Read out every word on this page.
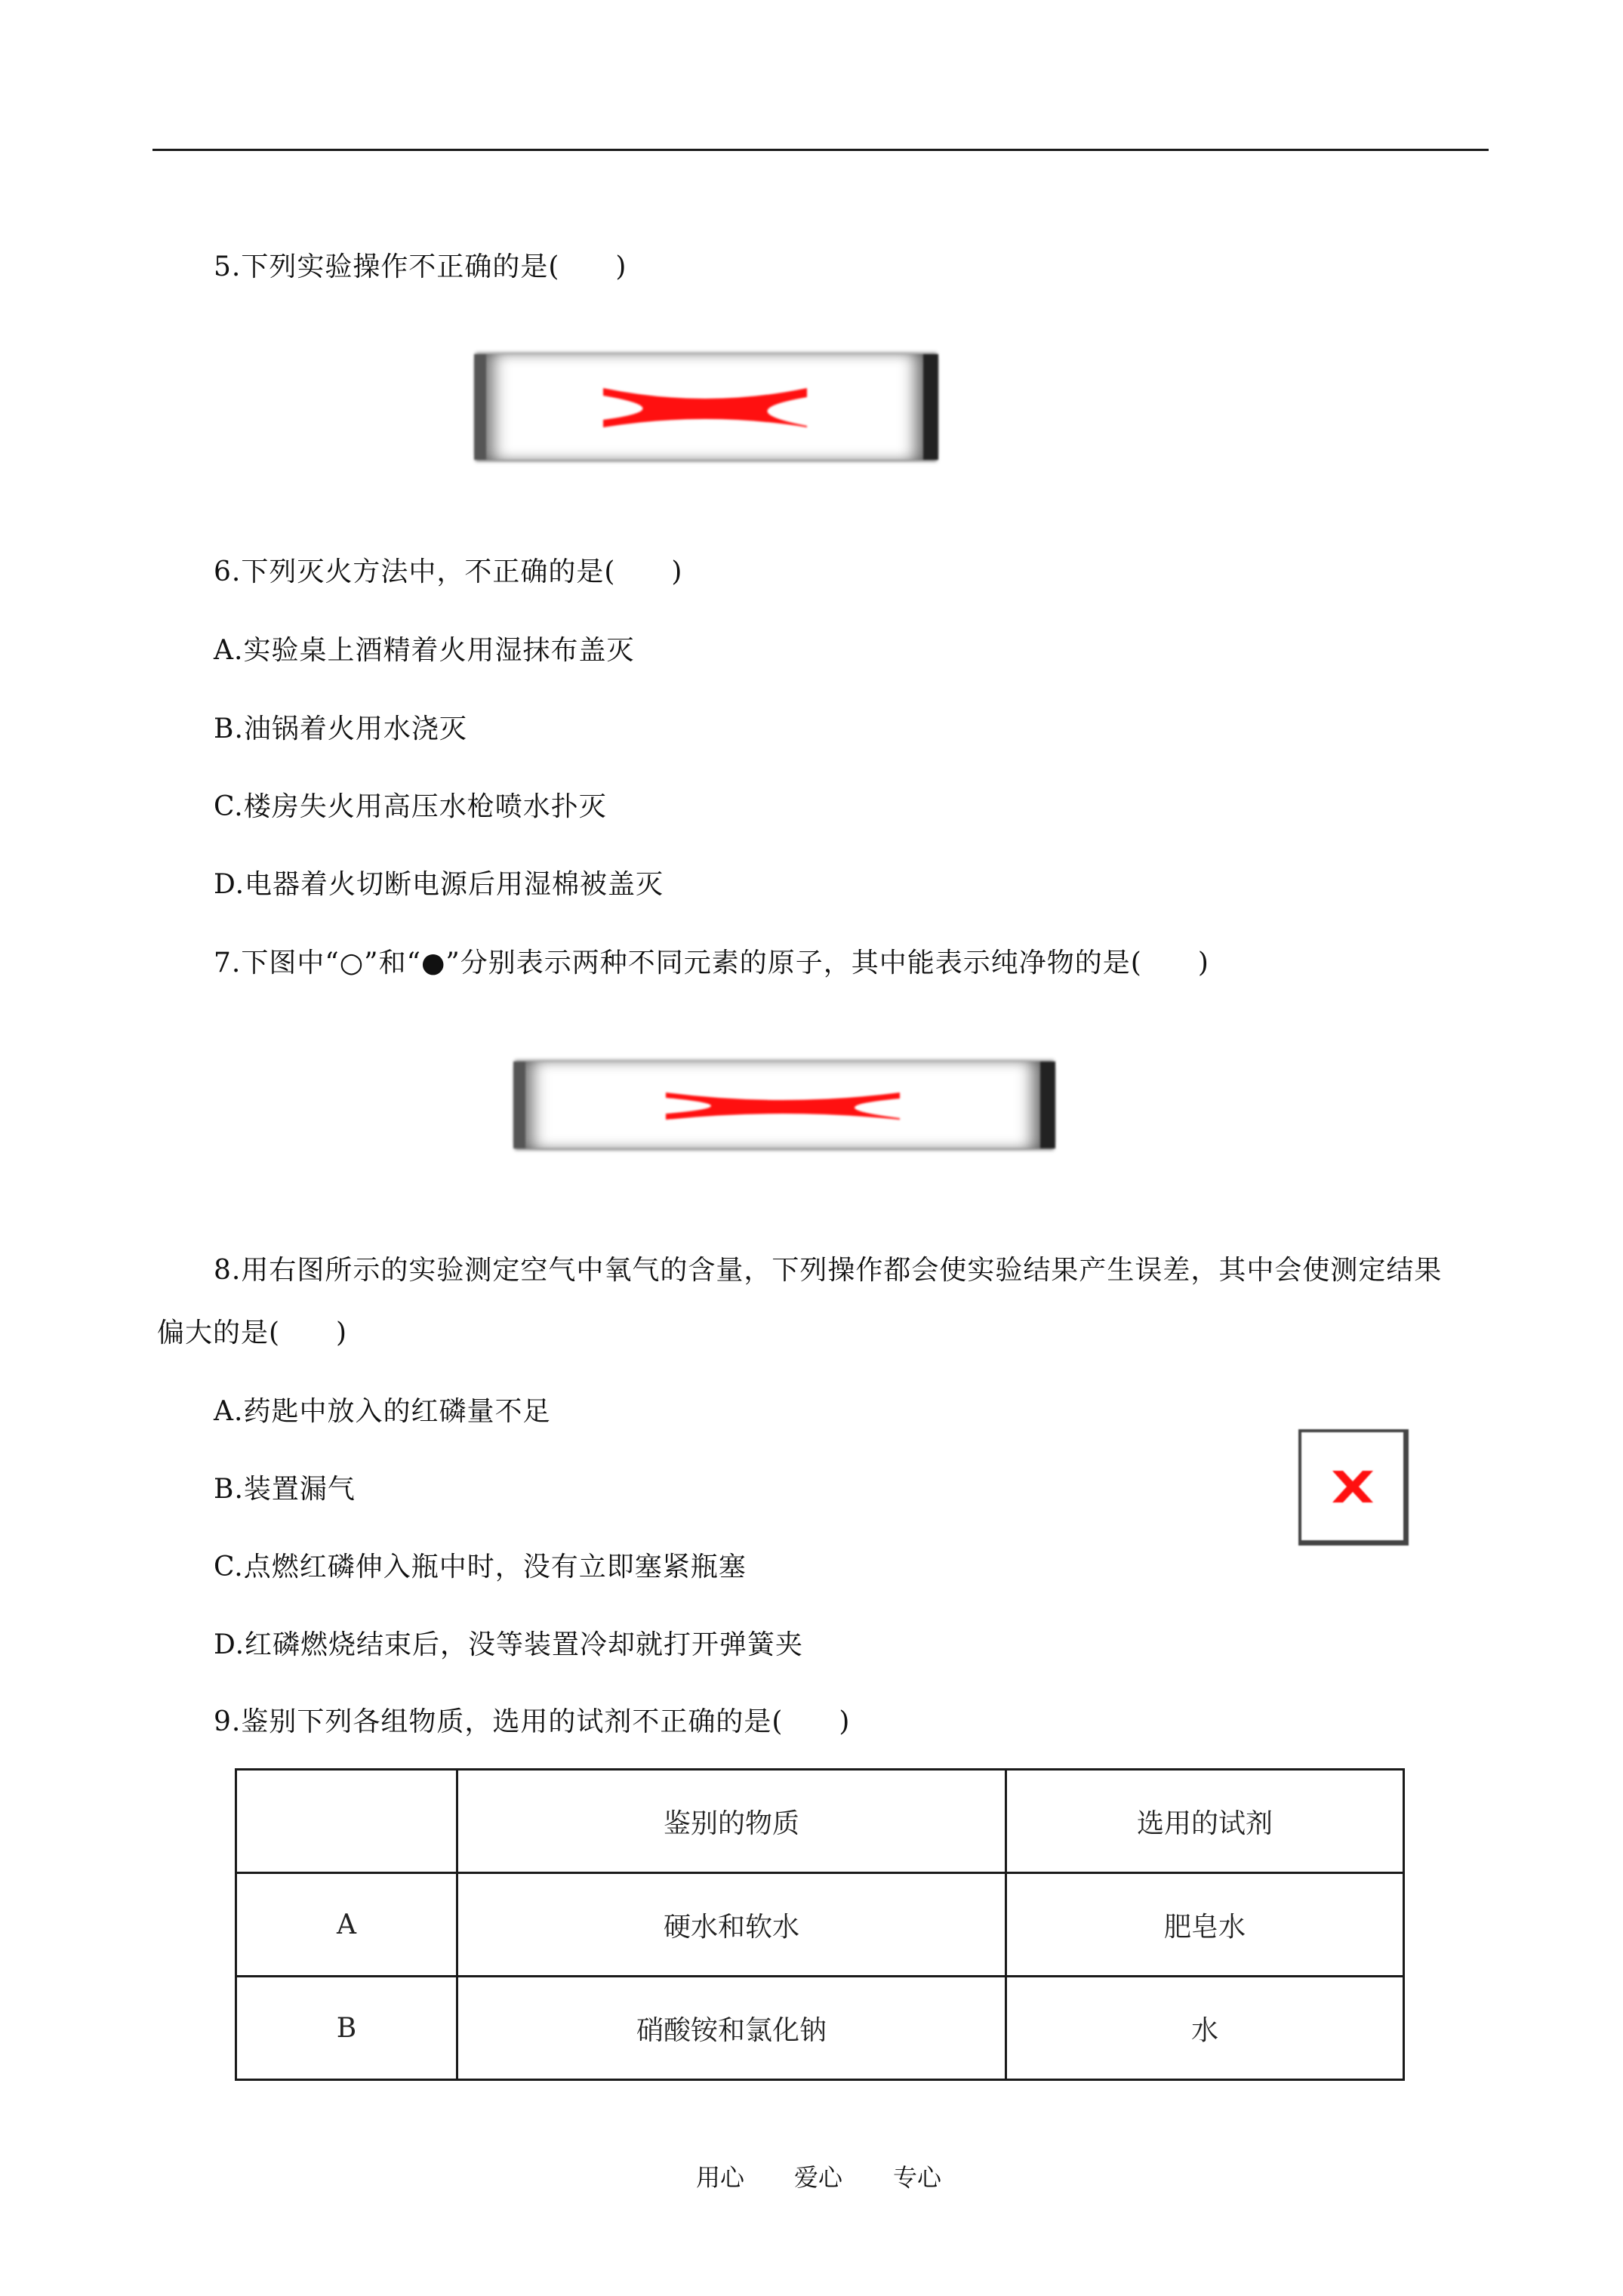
5.下列实验操作不正确的是(　　)
6.下列灭火方法中，不正确的是(　　)
A.实验桌上酒精着火用湿抹布盖灭
B.油锅着火用水浇灭
C.楼房失火用高压水枪喷水扑灭
D.电器着火切断电源后用湿棉被盖灭
7.下图中“○”和“●”分别表示两种不同元素的原子，其中能表示纯净物的是(　　)
8.用右图所示的实验测定空气中氧气的含量，下列操作都会使实验结果产生误差，其中会使测定结果
偏大的是(　　)
A.药匙中放入的红磷量不足
B.装置漏气
C.点燃红磷伸入瓶中时，没有立即塞紧瓶塞
D.红磷燃烧结束后，没等装置冷却就打开弹簧夹
9.鉴别下列各组物质，选用的试剂不正确的是(　　)
	鉴别的物质	选用的试剂
A	硬水和软水	肥皂水
B	硝酸铵和氯化钠	水
用心 爱心 专心
